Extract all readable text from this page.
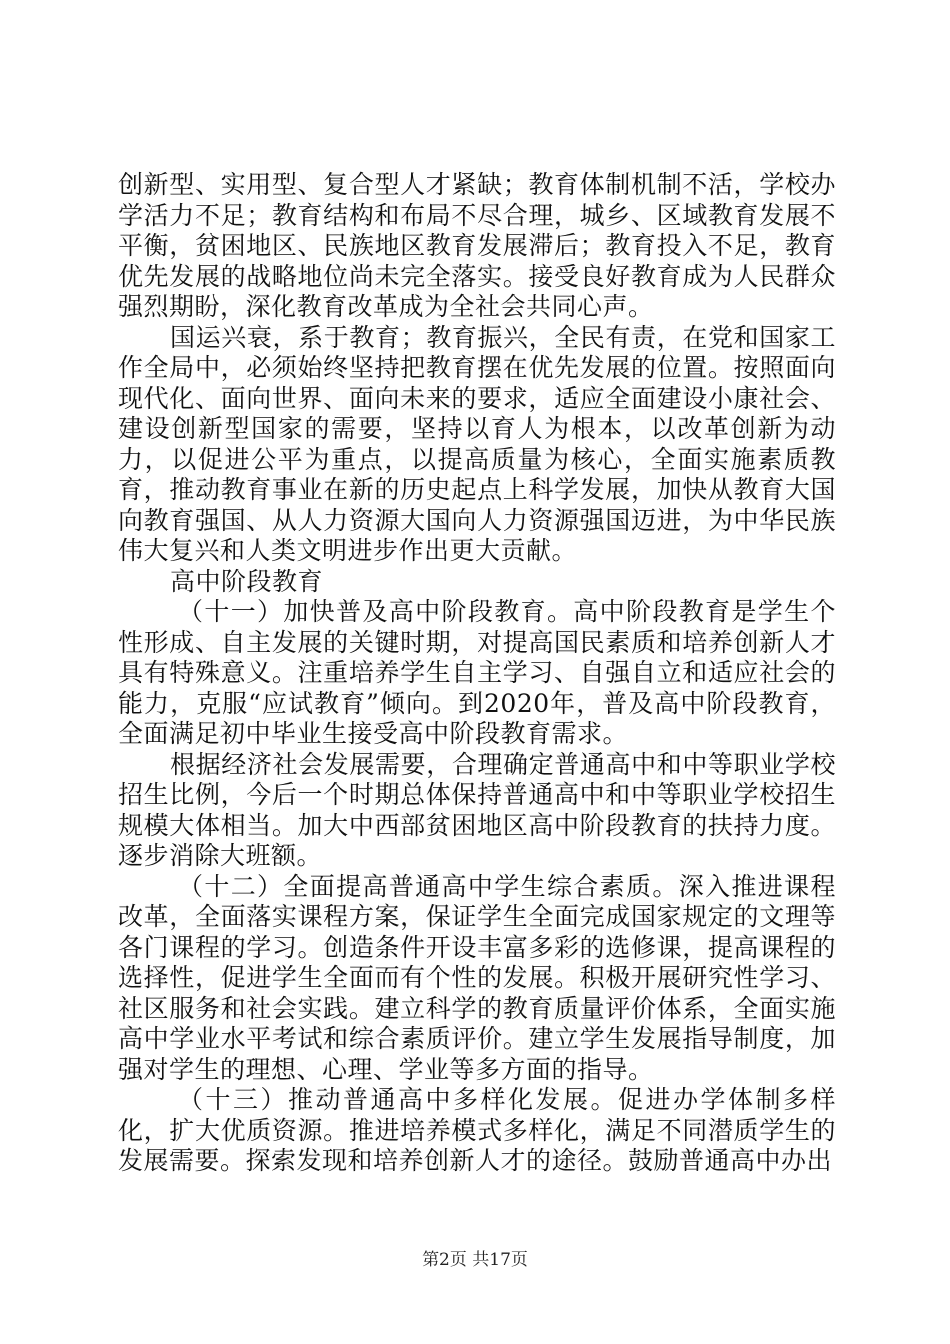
创新型、实用型、复合型人才紧缺；教育体制机制不活，学校办学活力不足；教育结构和布局不尽合理，城乡、区域教育发展不平衡，贫困地区、民族地区教育发展滞后；教育投入不足，教育优先发展的战略地位尚未完全落实。接受良好教育成为人民群众强烈期盼，深化教育改革成为全社会共同心声。

国运兴衰，系于教育；教育振兴，全民有责，在党和国家工作全局中，必须始终坚持把教育摆在优先发展的位置。按照面向现代化、面向世界、面向未来的要求，适应全面建设小康社会、建设创新型国家的需要，坚持以育人为根本，以改革创新为动力，以促进公平为重点，以提高质量为核心，全面实施素质教育，推动教育事业在新的历史起点上科学发展，加快从教育大国向教育强国、从人力资源大国向人力资源强国迈进，为中华民族伟大复兴和人类文明进步作出更大贡献。

高中阶段教育

（十一）加快普及高中阶段教育。高中阶段教育是学生个性形成、自主发展的关键时期，对提高国民素质和培养创新人才具有特殊意义。注重培养学生自主学习、自强自立和适应社会的能力，克服“应试教育”倾向。到2020年，普及高中阶段教育，全面满足初中毕业生接受高中阶段教育需求。

根据经济社会发展需要，合理确定普通高中和中等职业学校招生比例，今后一个时期总体保持普通高中和中等职业学校招生规模大体相当。加大中西部贫困地区高中阶段教育的扶持力度。逐步消除大班额。

（十二）全面提高普通高中学生综合素质。深入推进课程改革，全面落实课程方案，保证学生全面完成国家规定的文理等各门课程的学习。创造条件开设丰富多彩的选修课，提高课程的选择性，促进学生全面而有个性的发展。积极开展研究性学习、社区服务和社会实践。建立科学的教育质量评价体系，全面实施高中学业水平考试和综合素质评价。建立学生发展指导制度，加强对学生的理想、心理、学业等多方面的指导。

（十三）推动普通高中多样化发展。促进办学体制多样化，扩大优质资源。推进培养模式多样化，满足不同潜质学生的发展需要。探索发现和培养创新人才的途径。鼓励普通高中办出

第2页 共17页
